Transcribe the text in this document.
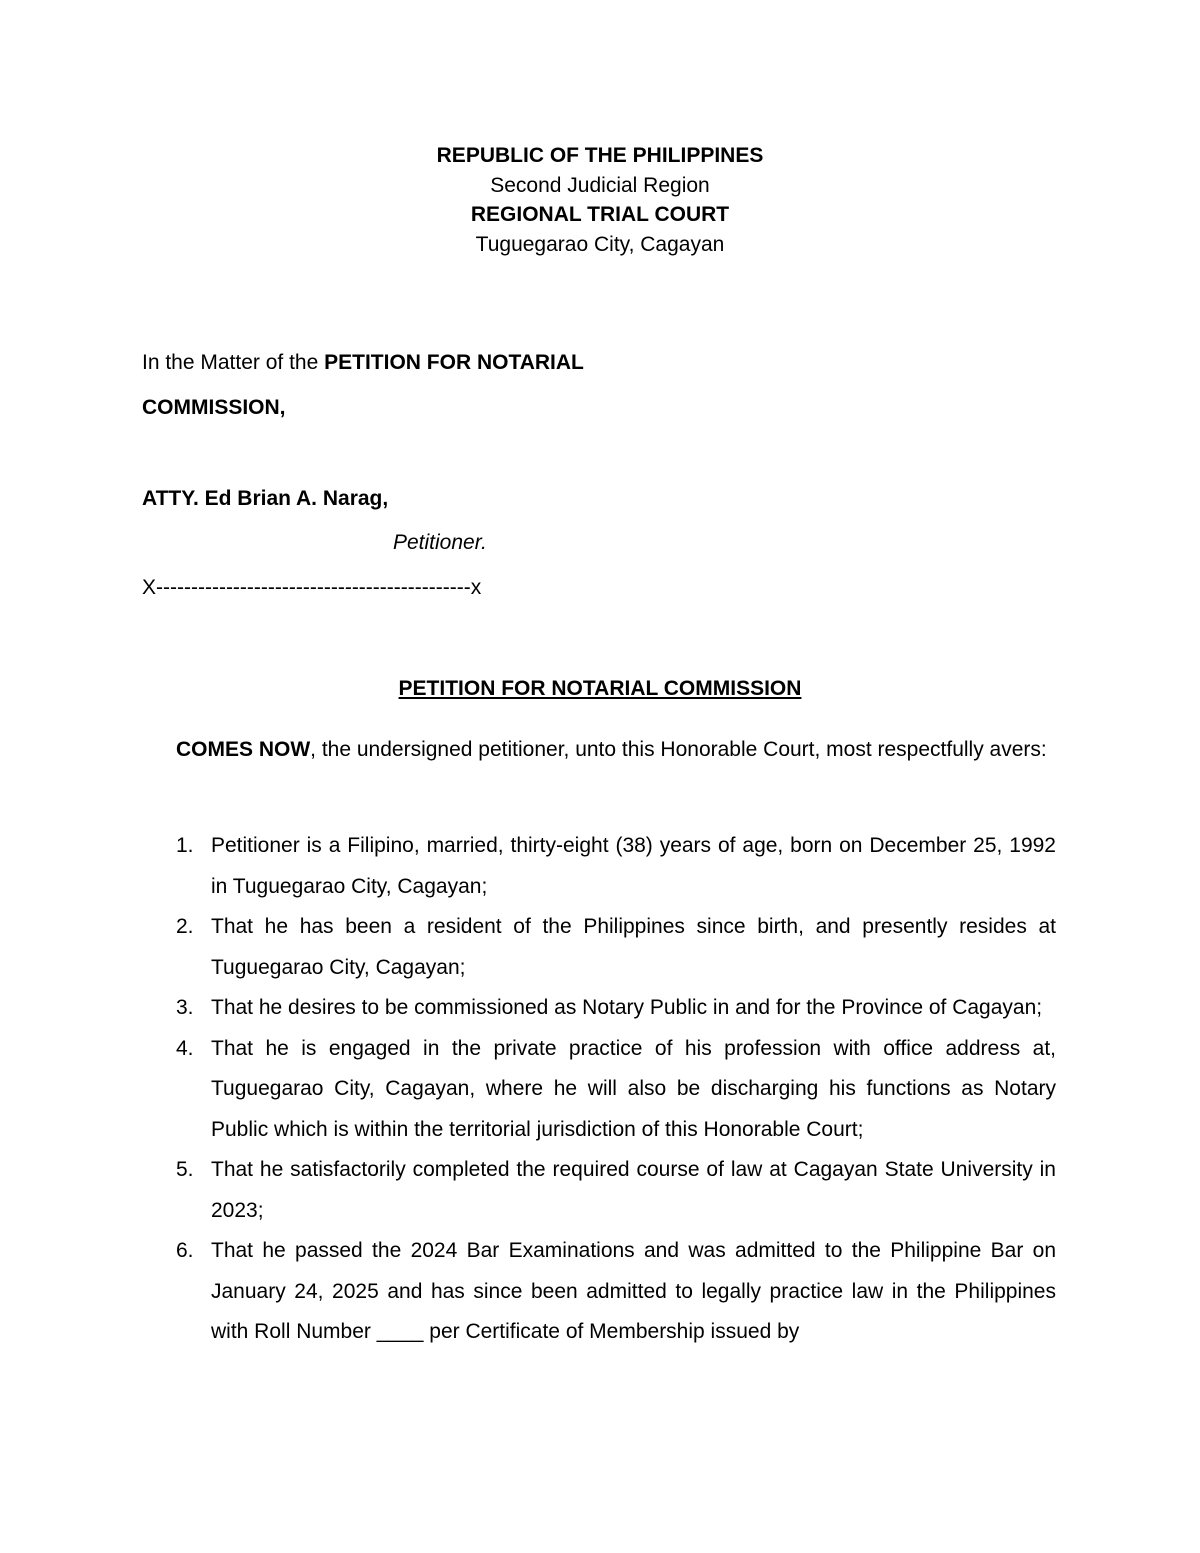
REPUBLIC OF THE PHILIPPINES
Second Judicial Region
REGIONAL TRIAL COURT
Tuguegarao City, Cagayan
In the Matter of the PETITION FOR NOTARIAL
COMMISSION,
ATTY. Ed Brian A. Narag,
Petitioner.
X---------------------------------------------x
PETITION FOR NOTARIAL COMMISSION
COMES NOW, the undersigned petitioner, unto this Honorable Court, most respectfully avers:
1. Petitioner is a Filipino, married, thirty-eight (38) years of age, born on December 25, 1992 in Tuguegarao City, Cagayan;
2. That he has been a resident of the Philippines since birth, and presently resides at Tuguegarao City, Cagayan;
3. That he desires to be commissioned as Notary Public in and for the Province of Cagayan;
4. That he is engaged in the private practice of his profession with office address at, Tuguegarao City, Cagayan, where he will also be discharging his functions as Notary Public which is within the territorial jurisdiction of this Honorable Court;
5. That he satisfactorily completed the required course of law at Cagayan State University in 2023;
6. That he passed the 2024 Bar Examinations and was admitted to the Philippine Bar on January 24, 2025 and has since been admitted to legally practice law in the Philippines with Roll Number ____ per Certificate of Membership issued by
